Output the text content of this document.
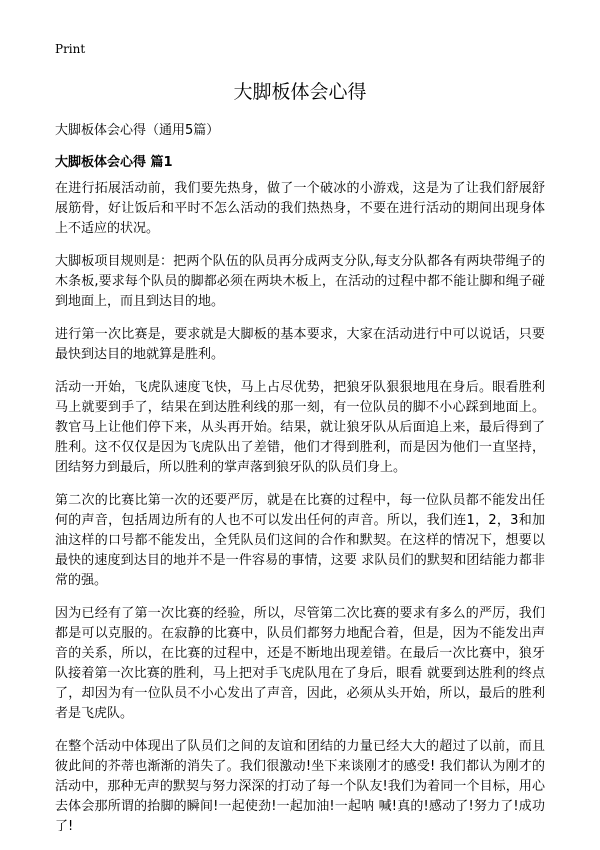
Print
大脚板体会心得
大脚板体会心得（通用5篇）
大脚板体会心得 篇1

在进行拓展活动前，我们要先热身，做了一个破冰的小游戏，这是为了让我们舒展舒展筋骨，好让饭后和平时不怎么活动的我们热热身，不要在进行活动的期间出现身体上不适应的状况。

大脚板项目规则是：把两个队伍的队员再分成两支分队,每支分队都各有两块带绳子的木条板,要求每个队员的脚都必须在两块木板上，在活动的过程中都不能让脚和绳子碰到地面上，而且到达目的地。

进行第一次比赛是，要求就是大脚板的基本要求，大家在活动进行中可以说话，只要最快到达目的地就算是胜利。

活动一开始，飞虎队速度飞快，马上占尽优势，把狼牙队狠狠地甩在身后。眼看胜利马上就要到手了，结果在到达胜利线的那一刻，有一位队员的脚不小心踩到地面上。教官马上让他们停下来，从头再开始。结果，就让狼牙队从后面追上来，最后得到了胜利。这不仅仅是因为飞虎队出了差错，他们才得到胜利，而是因为他们一直坚持，团结努力到最后，所以胜利的掌声落到狼牙队的队员们身上。

第二次的比赛比第一次的还要严厉，就是在比赛的过程中，每一位队员都不能发出任何的声音，包括周边所有的人也不可以发出任何的声音。所以，我们连1，2，3和加油这样的口号都不能发出，全凭队员们这间的合作和默契。在这样的情况下，想要以最快的速度到达目的地并不是一件容易的事情，这要 求队员们的默契和团结能力都非常的强。

因为已经有了第一次比赛的经验，所以，尽管第二次比赛的要求有多么的严厉，我们都是可以克服的。在寂静的比赛中，队员们都努力地配合着，但是，因为不能发出声音的关系，所以，在比赛的过程中，还是不断地出现差错。在最后一次比赛中，狼牙队接着第一次比赛的胜利，马上把对手飞虎队甩在了身后，眼看 就要到达胜利的终点了，却因为有一位队员不小心发出了声音，因此，必须从头开始，所以，最后的胜利者是飞虎队。

在整个活动中体现出了队员们之间的友谊和团结的力量已经大大的超过了以前，而且彼此间的芥蒂也渐渐的消失了。我们很激动!坐下来谈刚才的感受! 我们都认为刚才的活动中，那种无声的默契与努力深深的打动了每一个队友!我们为着同一个目标，用心去体会那所谓的抬脚的瞬间!一起使劲!一起加油!一起呐 喊!真的!感动了!努力了!成功了!
